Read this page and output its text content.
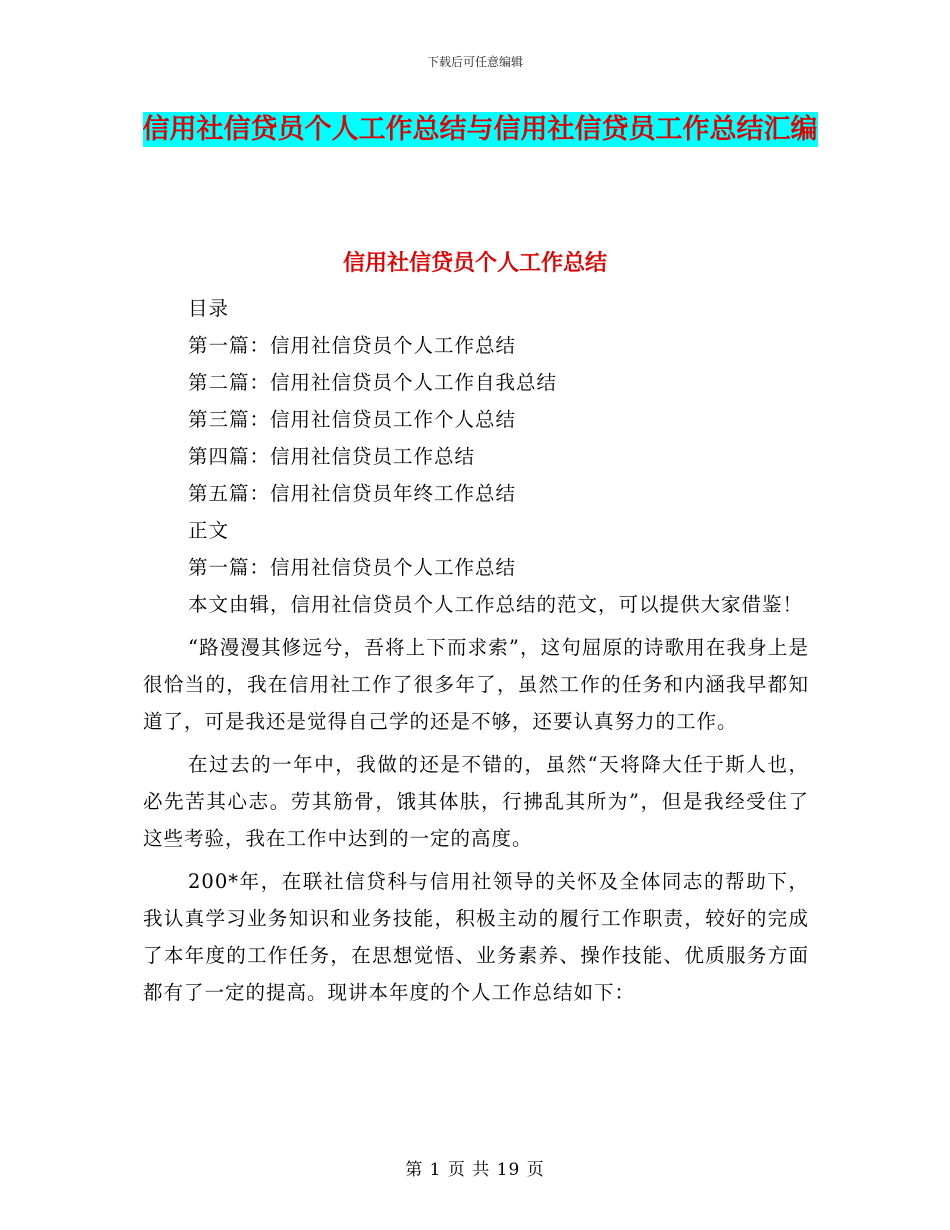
下载后可任意编辑
信用社信贷员个人工作总结与信用社信贷员工作总结汇编
信用社信贷员个人工作总结

目录

第一篇：信用社信贷员个人工作总结

第二篇：信用社信贷员个人工作自我总结

第三篇：信用社信贷员工作个人总结

第四篇：信用社信贷员工作总结

第五篇：信用社信贷员年终工作总结

正文

第一篇：信用社信贷员个人工作总结

本文由辑，信用社信贷员个人工作总结的范文，可以提供大家借鉴！

“路漫漫其修远兮，吾将上下而求索”，这句屈原的诗歌用在我身上是很恰当的，我在信用社工作了很多年了，虽然工作的任务和内涵我早都知道了，可是我还是觉得自己学的还是不够，还要认真努力的工作。

在过去的一年中，我做的还是不错的，虽然“天将降大任于斯人也，必先苦其心志。劳其筋骨，饿其体肤，行拂乱其所为”，但是我经受住了这些考验，我在工作中达到的一定的高度。

200*年，在联社信贷科与信用社领导的关怀及全体同志的帮助下，我认真学习业务知识和业务技能，积极主动的履行工作职责，较好的完成了本年度的工作任务，在思想觉悟、业务素养、操作技能、优质服务方面都有了一定的提高。现讲本年度的个人工作总结如下：

第 1 页 共 19 页
